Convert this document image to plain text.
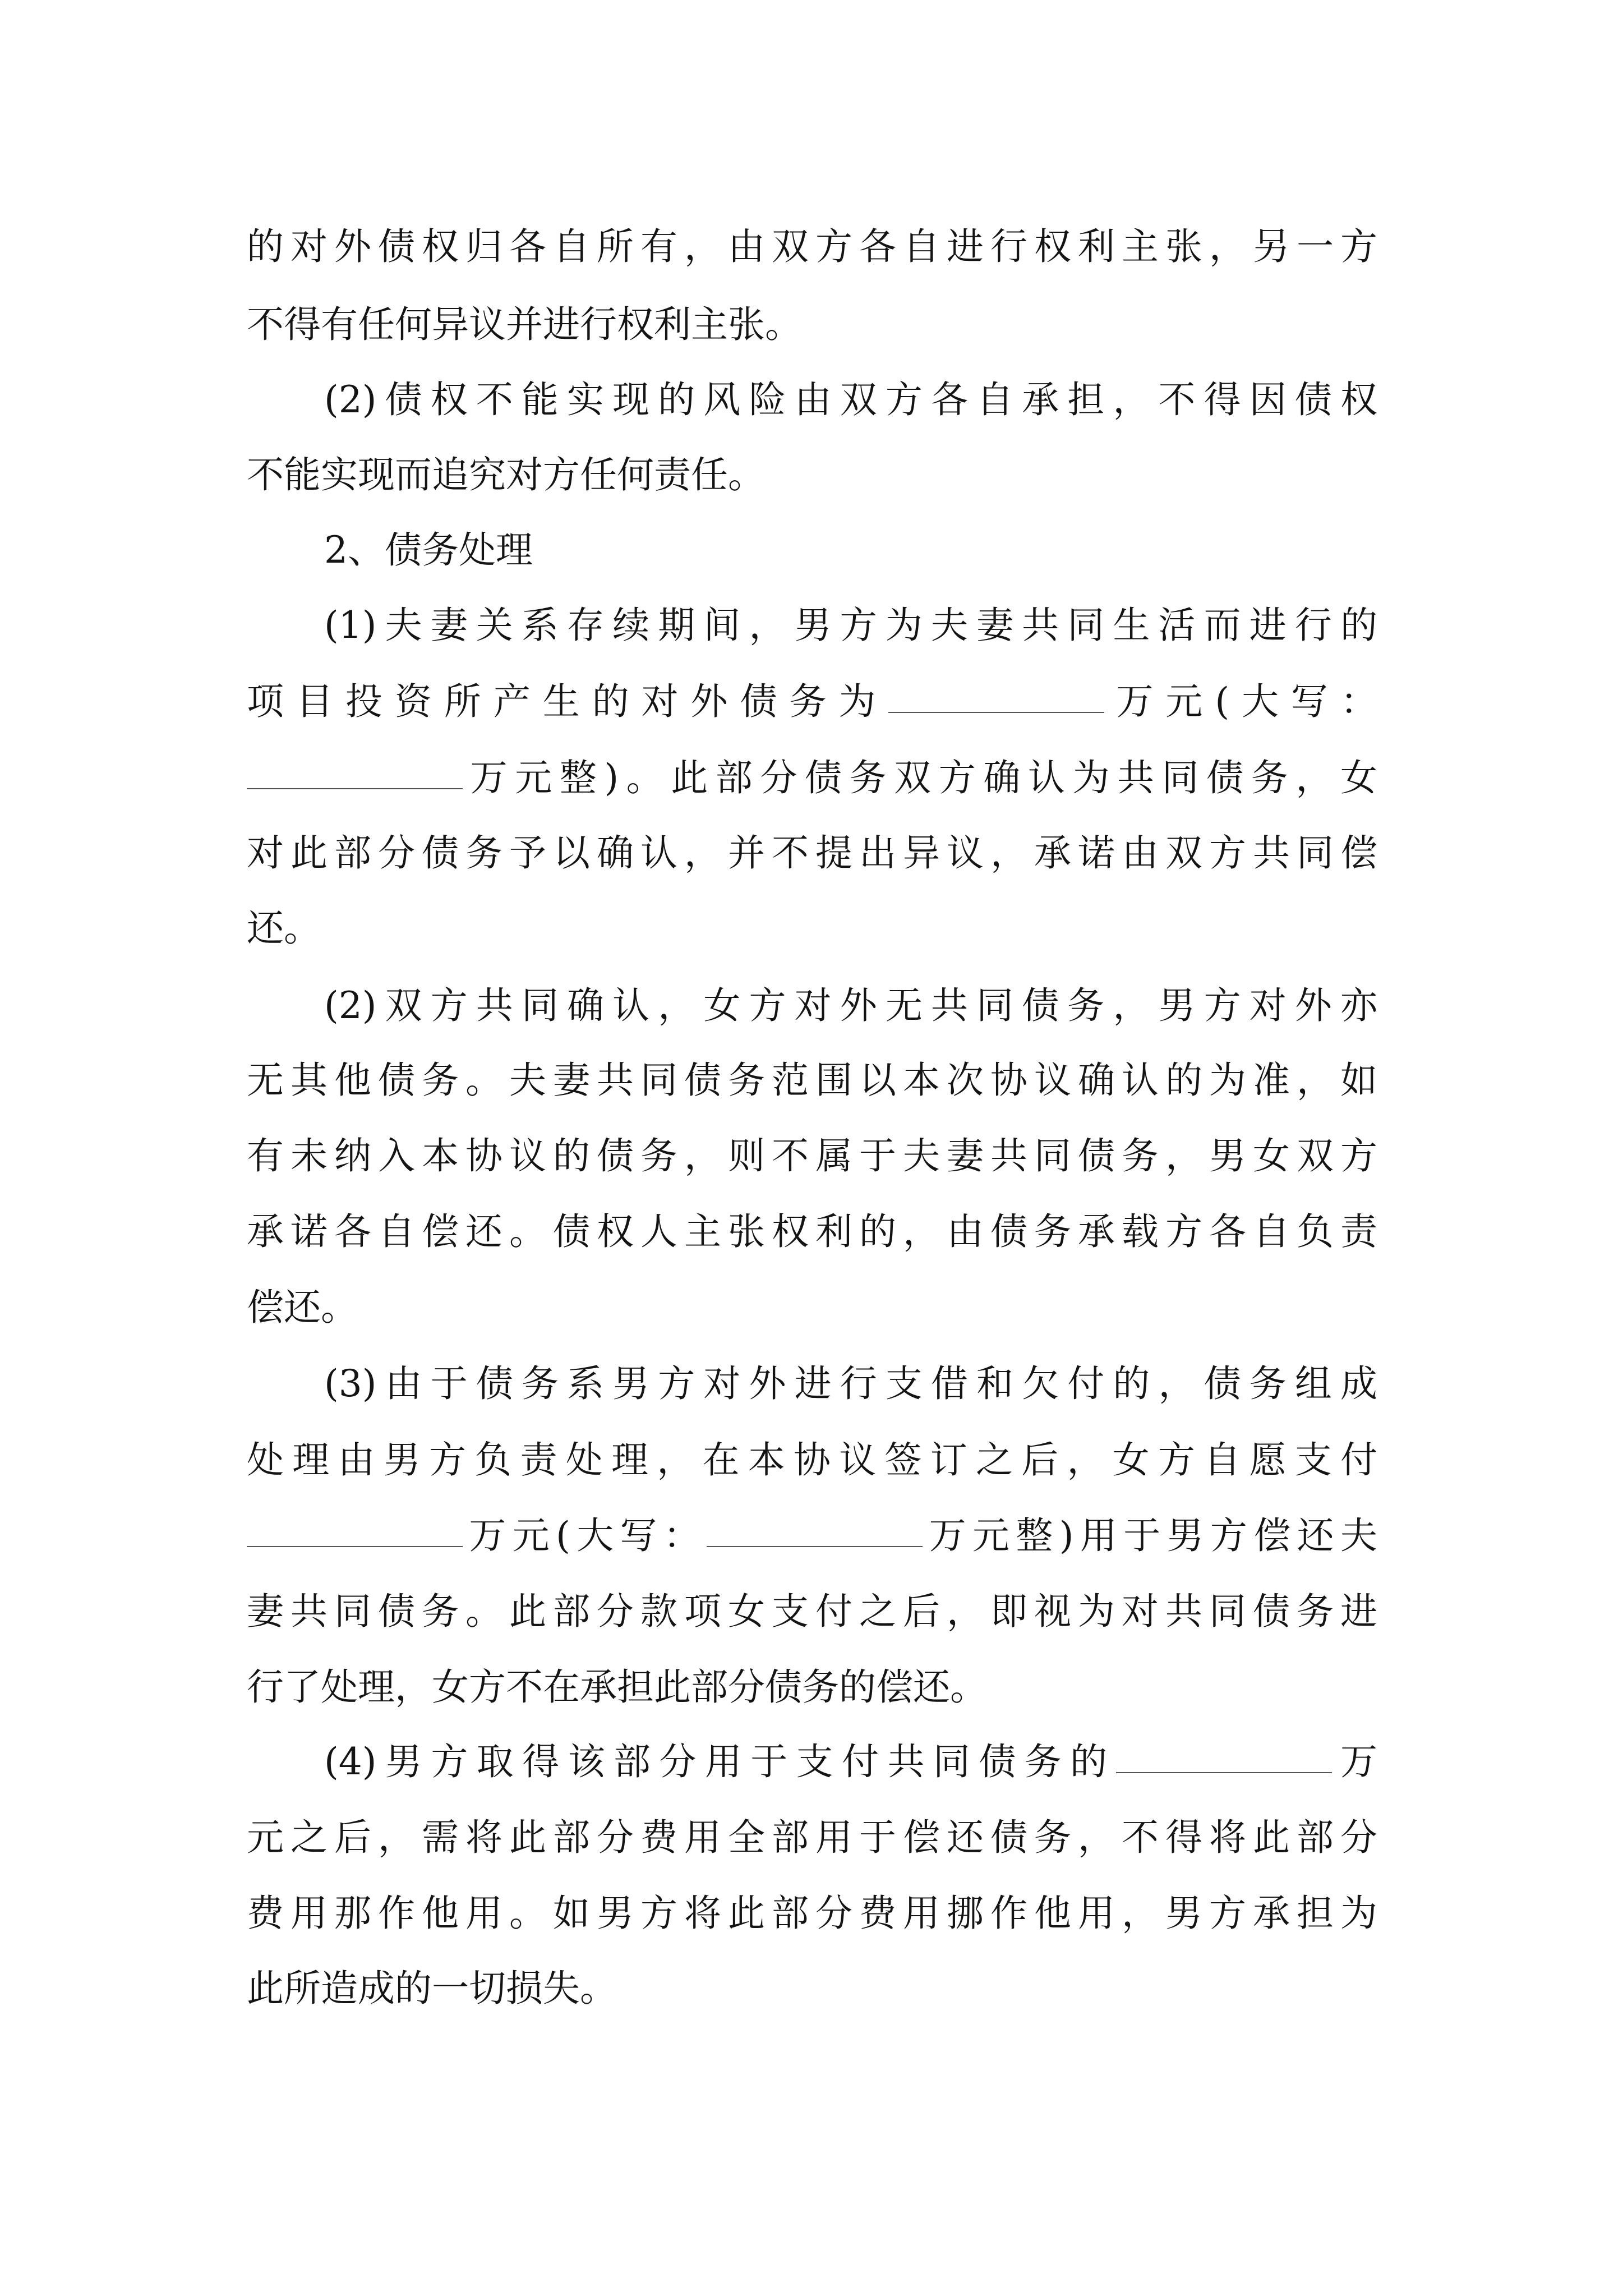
的对外债权归各自所有，由双方各自进行权利主张，另一方
不得有任何异议并进行权利主张。
(2)债权不能实现的风险由双方各自承担，不得因债权
不能实现而追究对方任何责任。
2、债务处理
(1)夫妻关系存续期间，男方为夫妻共同生活而进行的
项目投资所产生的对外债务为	万元(大写：
万元整)。此部分债务双方确认为共同债务，女
对此部分债务予以确认，并不提出异议，承诺由双方共同偿
还。
(2)双方共同确认，女方对外无共同债务，男方对外亦
无其他债务。夫妻共同债务范围以本次协议确认的为准，如
有未纳入本协议的债务，则不属于夫妻共同债务，男女双方
承诺各自偿还。债权人主张权利的，由债务承载方各自负责
偿还。
(3)由于债务系男方对外进行支借和欠付的，债务组成
处理由男方负责处理，在本协议签订之后，女方自愿支付
万元(大写：	万元整)用于男方偿还夫
妻共同债务。此部分款项女支付之后，即视为对共同债务进
行了处理，女方不在承担此部分债务的偿还。
(4)男方取得该部分用于支付共同债务的	万
元之后，需将此部分费用全部用于偿还债务，不得将此部分
费用那作他用。如男方将此部分费用挪作他用，男方承担为
此所造成的一切损失。
